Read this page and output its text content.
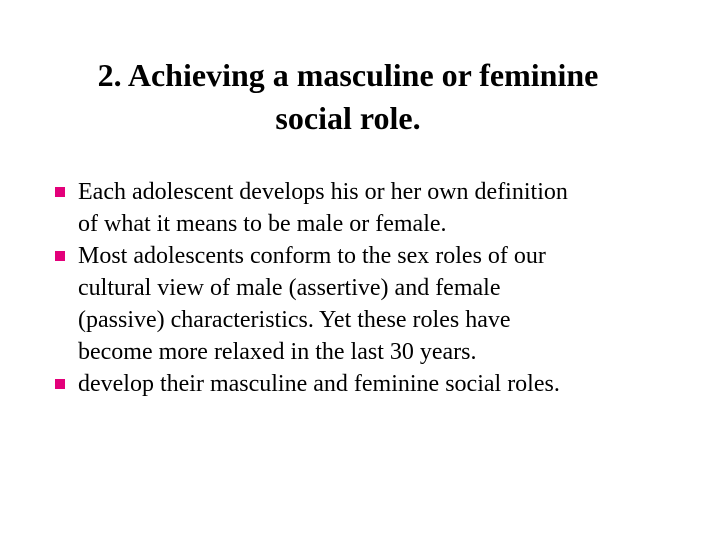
2. Achieving a masculine or feminine
social role.
Each adolescent develops his or her own definition
of what it means to be male or female.
Most adolescents conform to the sex roles of our
cultural view of male (assertive) and female
(passive) characteristics. Yet these roles have
become more relaxed in the last 30 years.
develop their masculine and feminine social roles.
